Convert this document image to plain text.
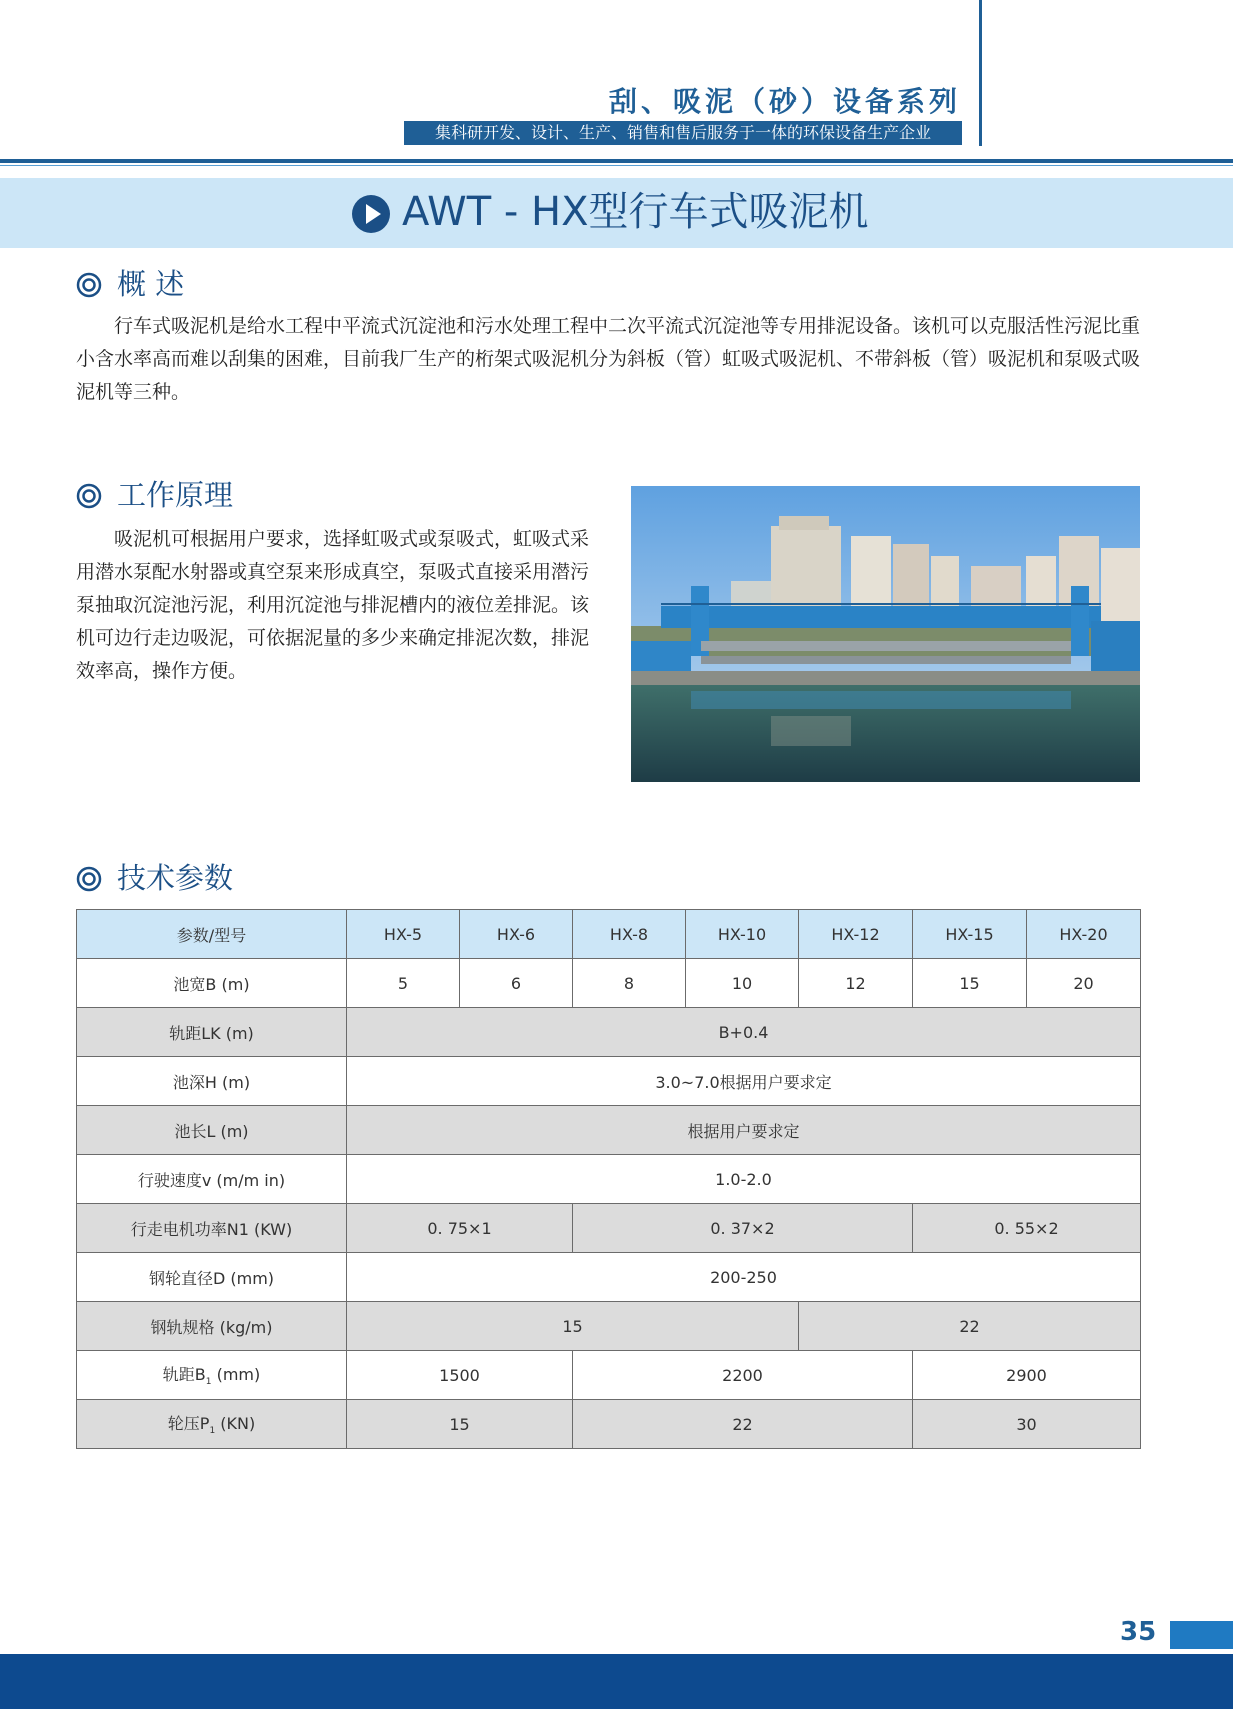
刮、吸泥（砂）设备系列
集科研开发、设计、生产、销售和售后服务于一体的环保设备生产企业
AWT - HX型行车式吸泥机
概 述
行车式吸泥机是给水工程中平流式沉淀池和污水处理工程中二次平流式沉淀池等专用排泥设备。该机可以克服活性污泥比重小含水率高而难以刮集的困难，目前我厂生产的桁架式吸泥机分为斜板（管）虹吸式吸泥机、不带斜板（管）吸泥机和泵吸式吸泥机等三种。
工作原理
吸泥机可根据用户要求，选择虹吸式或泵吸式，虹吸式采用潜水泵配水射器或真空泵来形成真空，泵吸式直接采用潜污泵抽取沉淀池污泥，利用沉淀池与排泥槽内的液位差排泥。该机可边行走边吸泥，可依据泥量的多少来确定排泥次数，排泥效率高，操作方便。
技术参数
参数/型号	HX-5	HX-6	HX-8	HX-10	HX-12	HX-15	HX-20
池宽B (m)	5	6	8	10	12	15	20
轨距LK (m)	B+0.4						
池深H (m)	3.0~7.0根据用户要求定						
池长L (m)	根据用户要求定						
行驶速度v (m/m in)	1.0-2.0						
行走电机功率N1 (KW)	0. 75×1		0. 37×2			0. 55×2	
钢轮直径D (mm)	200-250						
钢轨规格 (kg/m)	15				22		
轨距$B_1$ (mm)	1500		2200			2900	
轮压$P_1$ (KN)	15		22			30	
35
